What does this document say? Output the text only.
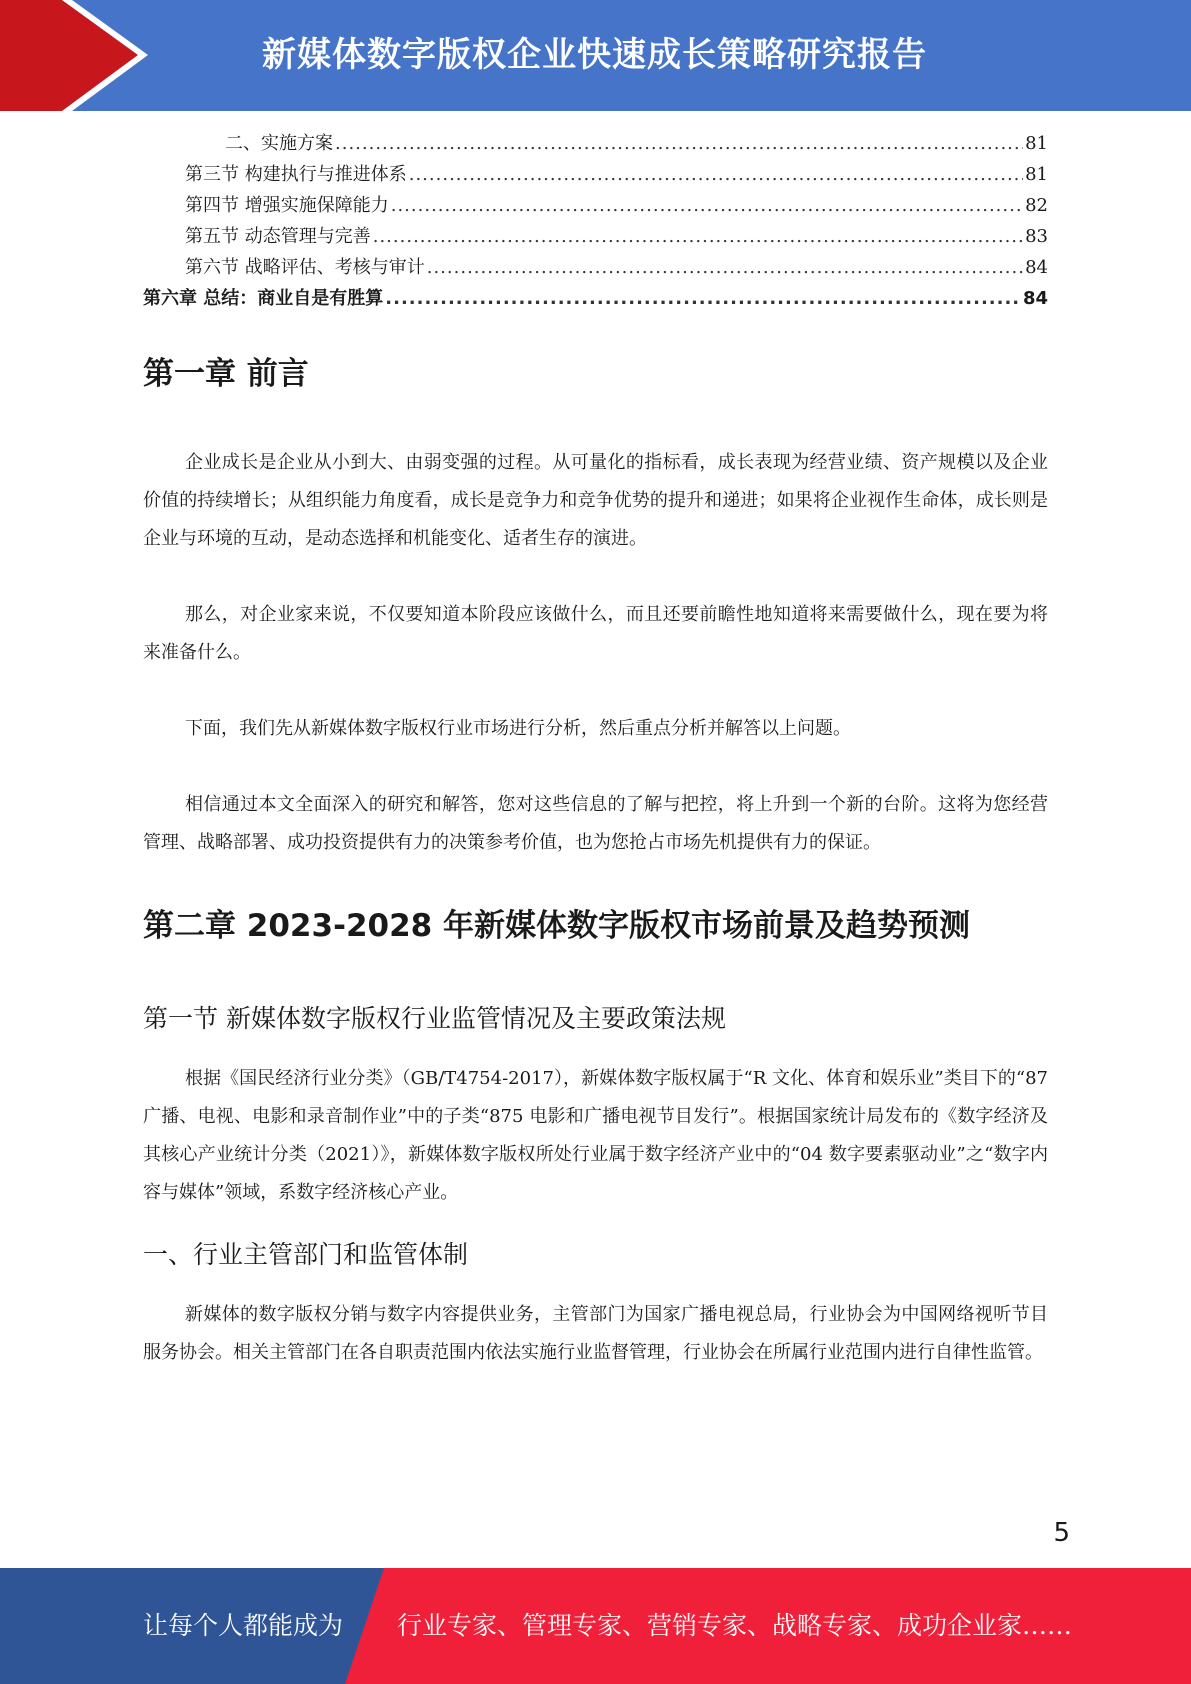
新媒体数字版权企业快速成长策略研究报告
二、实施方案 .....	81
第三节 构建执行与推进体系 .....	81
第四节 增强实施保障能力 .....	82
第五节 动态管理与完善 .....	83
第六节 战略评估、考核与审计 .....	84
第六章 总结：商业自是有胜算 .....	84
第一章 前言

企业成长是企业从小到大、由弱变强的过程。从可量化的指标看，成长表现为经营业绩、资产规模以及企业价值的持续增长；从组织能力角度看，成长是竞争力和竞争优势的提升和递进；如果将企业视作生命体，成长则是企业与环境的互动，是动态选择和机能变化、适者生存的演进。

那么，对企业家来说，不仅要知道本阶段应该做什么，而且还要前瞻性地知道将来需要做什么，现在要为将来准备什么。

下面，我们先从新媒体数字版权行业市场进行分析，然后重点分析并解答以上问题。

相信通过本文全面深入的研究和解答，您对这些信息的了解与把控，将上升到一个新的台阶。这将为您经营管理、战略部署、成功投资提供有力的决策参考价值，也为您抢占市场先机提供有力的保证。

第二章 2023-2028 年新媒体数字版权市场前景及趋势预测
第一节 新媒体数字版权行业监管情况及主要政策法规

根据《国民经济行业分类》（GB/T4754-2017），新媒体数字版权属于“R 文化、体育和娱乐业”类目下的“87 广播、电视、电影和录音制作业”中的子类“875 电影和广播电视节目发行”。根据国家统计局发布的《数字经济及其核心产业统计分类（2021）》，新媒体数字版权所处行业属于数字经济产业中的“04 数字要素驱动业”之“数字内容与媒体”领域，系数字经济核心产业。

一、行业主管部门和监管体制

新媒体的数字版权分销与数字内容提供业务，主管部门为国家广播电视总局，行业协会为中国网络视听节目服务协会。相关主管部门在各自职责范围内依法实施行业监督管理，行业协会在所属行业范围内进行自律性监管。

5
让每个人都能成为 行业专家、管理专家、营销专家、战略专家、成功企业家……
